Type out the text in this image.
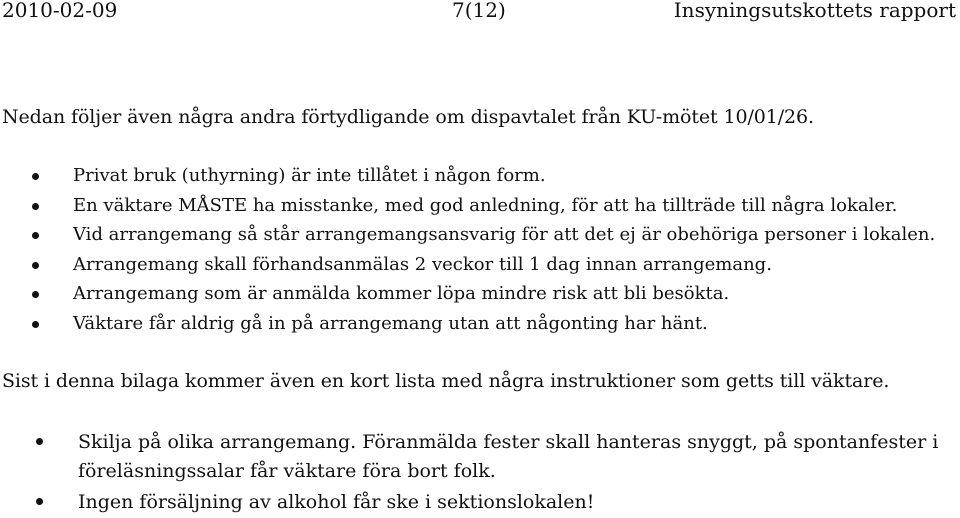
2010-02-09	7(12)	Insyningsutskottets rapport
Nedan följer även några andra förtydligande om dispavtalet från KU-mötet 10/01/26.
Privat bruk (uthyrning) är inte tillåtet i någon form.
En väktare MÅSTE ha misstanke, med god anledning, för att ha tillträde till några lokaler.
Vid arrangemang så står arrangemangsansvarig för att det ej är obehöriga personer i lokalen.
Arrangemang skall förhandsanmälas 2 veckor till 1 dag innan arrangemang.
Arrangemang som är anmälda kommer löpa mindre risk att bli besökta.
Väktare får aldrig gå in på arrangemang utan att någonting har hänt.
Sist i denna bilaga kommer även en kort lista med några instruktioner som getts till väktare.
Skilja på olika arrangemang. Föranmälda fester skall hanteras snyggt, på spontanfester i
föreläsningssalar får väktare föra bort folk.
Ingen försäljning av alkohol får ske i sektionslokalen!
